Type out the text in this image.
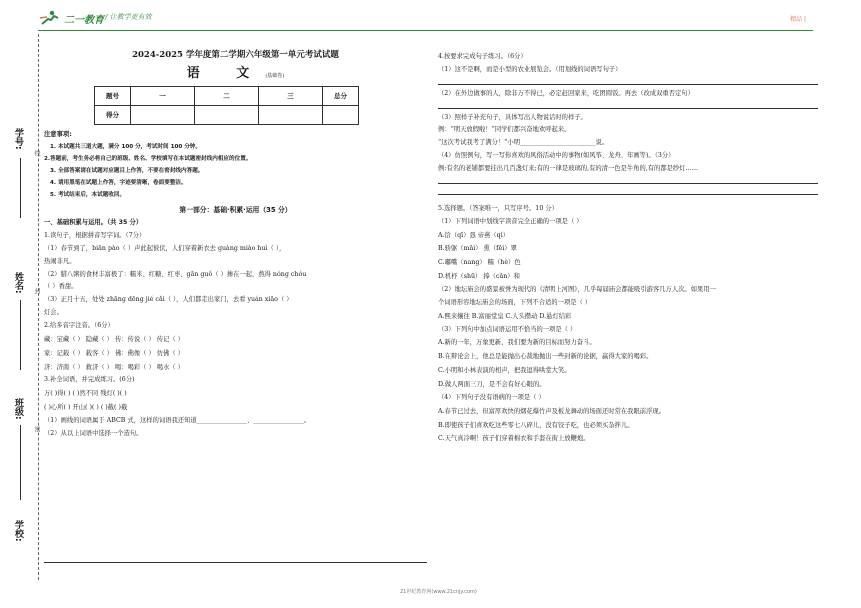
二一教育 / 让教学更有效	精品 |
学号:
姓名:
班级:
学校:
线
封
密
2024-2025 学年度第二学期六年级第一单元考试试题
语 文(基础卷)
题号	一	二	三	总分
得分				
注意事项:
1. 本试题共三道大题，满分 100 分，考试时间 100 分钟。
2.答题前，考生务必将自己的班级、姓名、学校填写在本试题密封线内相应的位置。
3. 全部答案请在试题对应题目上作答，不要在密封线内答题。
4. 请用黑笔在试题上作答，字迹要清晰，卷面要整洁。
5. 考试结束后，本试题收回。
第一部分：基础·积累·运用（35 分）
一、基础积累与运用。（共 35 分）
1.读句子，根据拼音写字词。（7分）
（1）春节到了，biān pào（ ）声此起彼伏，人们穿着新衣去 guàng miào huì（ ），
热闹非凡。
（2）腊八粥的食材丰富极了：糯米、红糖、红枣、gān guǒ（ ）掺在一起，熬得 nóng chóu
（ ）香甜。
（3）正月十五，处处 zhāng dēng jié cǎi（ ），人们都走出家门，去看 yuán xiāo（ ）
灯会。
2.给多音字注音。（6分）
藏：宝藏（ ） 隐藏（ ） 传：传说（ ） 传记（ ）
家：记载（ ） 载客（ ） 佛：佛像（ ） 仿佛（ ）
济：济南（ ） 救济（ ） 喝：喝彩（ ） 喝水（ ）
3.补全词语，并完成练习。(6分)
万( )得( ) ( )然不同 残灯( )( )
( )心所( ) 开山( )( ) ( )截( )截
（1）画线的词语属于 ABCB 式，这样的词语我还知道________________、________________。
（2）从以上词语中选择一个造句。
4.按要求完成句子练习。（6分）
（1）这不是啊，而是小型的农业展览会。（用划线的词语写句子）
（2）在外边做事的人，除非万不得已，必定赶回家来，吃团圆饭。再去（改成双重否定句）
（3）照样子补充句子，具体写出人物说话时的样子。
例：“明天放假啦！”同学们都兴奋地欢呼起来。
“这次考试我考了满分！”小明________________________说。
（4）仿照例句，写一写你喜欢的风俗活动中的事物(如风筝、龙舟、年画等)。（3分）
例:有名的老铺都要挂出几百盏灯来;有的一律是玻璃的,有的清一色是牛角的,有的都是纱灯……
5.选择题。（答案唯一，只写序号。10 分）
（1）下列词语中划线字读音完全正确的一项是（ ）
A.饸（qī）恳 帝燕（qì）
B.骄躯（mǎi） 熏（fēi）翠
C.嘟嘴（nang） 糯（hè）色
D.机杼（shū） 捧（cǎn）和
（2）地坛庙会的盛景被誉为现代的《清明上河图》，几乎每届庙会都能吸引游客几万人次。如果用一
个词语形容地坛庙会的场面，下列不合适的一项是（ ）
A.熙来攘往 B.富丽堂皇 C.人头攒动 D.悬灯结彩
（3）下列句中加点词语运用不恰当的一项是（ ）
A.新的一年，万象更新，我们要为新的目标而努力奋斗。
B.在辩论会上，他总是能抛出心裁地抛出一些封新的论据，赢得大家的喝彩。
C.小明和小林表演的相声，把我逗得哄堂大笑。
D.做人两面三刀，是不会有好心眼的。
（4）下列句子没有语病的一项是（ ）
A.春节已过去，但富厚欢快的烟花爆竹声及板龙舞动的场面还时常在我眼前浮现。
B.即使孩子们喜欢吃这些零七八碎儿，没有饺子吃，也必须买杂拌儿。
C.天气真冷啊！孩子们穿着棉衣和手套在街上放鞭炮。
21世纪教育网(www.21cnjy.com)
